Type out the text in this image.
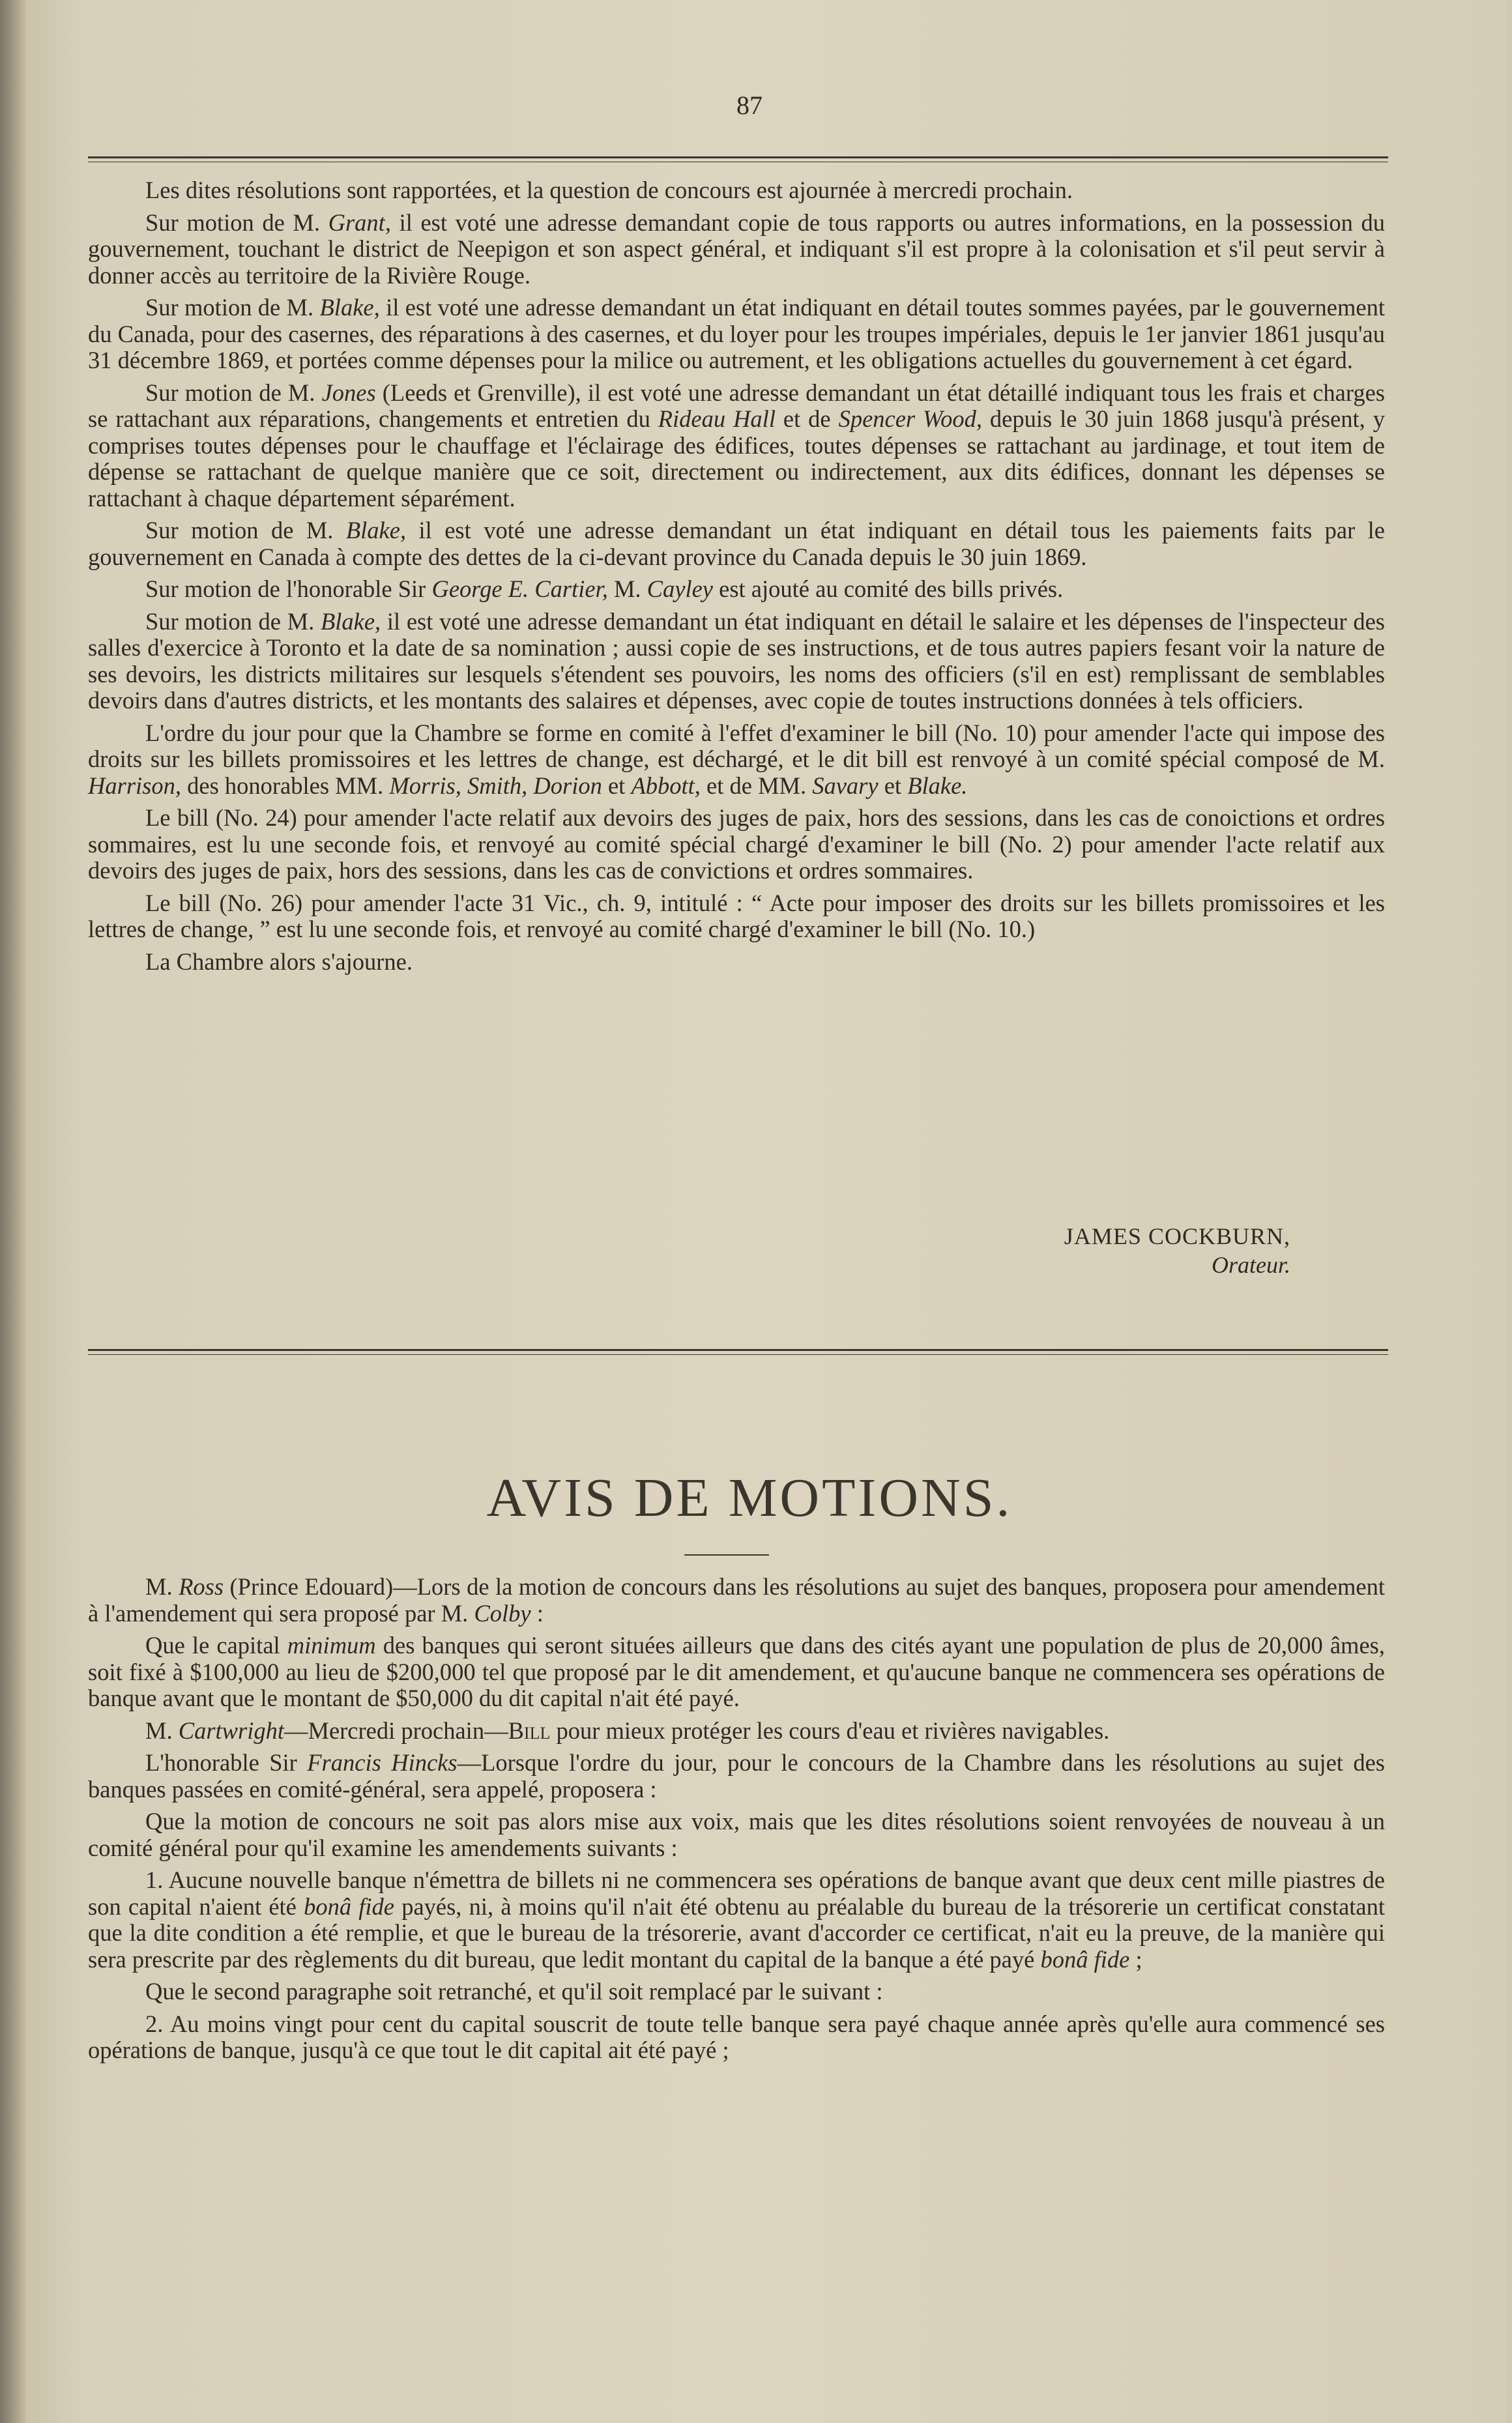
87

Les dites résolutions sont rapportées, et la question de concours est ajournée à mercredi prochain.

Sur motion de M. Grant, il est voté une adresse demandant copie de tous rapports ou autres informations, en la possession du gouvernement, touchant le district de Neepigon et son aspect général, et indiquant s'il est propre à la colonisation et s'il peut servir à donner accès au territoire de la Rivière Rouge.

Sur motion de M. Blake, il est voté une adresse demandant un état indiquant en détail toutes sommes payées, par le gouvernement du Canada, pour des casernes, des réparations à des casernes, et du loyer pour les troupes impériales, depuis le 1er janvier 1861 jusqu'au 31 décembre 1869, et portées comme dépenses pour la milice ou autrement, et les obligations actuelles du gouvernement à cet égard.

Sur motion de M. Jones (Leeds et Grenville), il est voté une adresse demandant un état détaillé indiquant tous les frais et charges se rattachant aux réparations, changements et entretien du Rideau Hall et de Spencer Wood, depuis le 30 juin 1868 jusqu'à présent, y comprises toutes dépenses pour le chauffage et l'éclairage des édifices, toutes dépenses se rattachant au jardinage, et tout item de dépense se rattachant de quelque manière que ce soit, directement ou indirectement, aux dits édifices, donnant les dépenses se rattachant à chaque département séparément.

Sur motion de M. Blake, il est voté une adresse demandant un état indiquant en détail tous les paiements faits par le gouvernement en Canada à compte des dettes de la ci-devant province du Canada depuis le 30 juin 1869.

Sur motion de l'honorable Sir George E. Cartier, M. Cayley est ajouté au comité des bills privés.

Sur motion de M. Blake, il est voté une adresse demandant un état indiquant en détail le salaire et les dépenses de l'inspecteur des salles d'exercice à Toronto et la date de sa nomination ; aussi copie de ses instructions, et de tous autres papiers fesant voir la nature de ses devoirs, les districts militaires sur lesquels s'étendent ses pouvoirs, les noms des officiers (s'il en est) remplissant de semblables devoirs dans d'autres districts, et les montants des salaires et dépenses, avec copie de toutes instructions données à tels officiers.

L'ordre du jour pour que la Chambre se forme en comité à l'effet d'examiner le bill (No. 10) pour amender l'acte qui impose des droits sur les billets promissoires et les lettres de change, est déchargé, et le dit bill est renvoyé à un comité spécial composé de M. Harrison, des honorables MM. Morris, Smith, Dorion et Abbott, et de MM. Savary et Blake.

Le bill (No. 24) pour amender l'acte relatif aux devoirs des juges de paix, hors des sessions, dans les cas de conoictions et ordres sommaires, est lu une seconde fois, et renvoyé au comité spécial chargé d'examiner le bill (No. 2) pour amender l'acte relatif aux devoirs des juges de paix, hors des sessions, dans les cas de convictions et ordres sommaires.

Le bill (No. 26) pour amender l'acte 31 Vic., ch. 9, intitulé : “ Acte pour imposer des droits sur les billets promissoires et les lettres de change, ” est lu une seconde fois, et renvoyé au comité chargé d'examiner le bill (No. 10.)

La Chambre alors s'ajourne.

JAMES COCKBURN,
Orateur.
AVIS DE MOTIONS.

M. Ross (Prince Edouard)—Lors de la motion de concours dans les résolutions au sujet des banques, proposera pour amendement à l'amendement qui sera proposé par M. Colby :

Que le capital minimum des banques qui seront situées ailleurs que dans des cités ayant une population de plus de 20,000 âmes, soit fixé à $100,000 au lieu de $200,000 tel que proposé par le dit amendement, et qu'aucune banque ne commencera ses opérations de banque avant que le montant de $50,000 du dit capital n'ait été payé.

M. Cartwright—Mercredi prochain—Bill pour mieux protéger les cours d'eau et rivières navigables.

L'honorable Sir Francis Hincks—Lorsque l'ordre du jour, pour le concours de la Chambre dans les résolutions au sujet des banques passées en comité-général, sera appelé, proposera :

Que la motion de concours ne soit pas alors mise aux voix, mais que les dites résolutions soient renvoyées de nouveau à un comité général pour qu'il examine les amendements suivants :

1. Aucune nouvelle banque n'émettra de billets ni ne commencera ses opérations de banque avant que deux cent mille piastres de son capital n'aient été bonâ fide payés, ni, à moins qu'il n'ait été obtenu au préalable du bureau de la trésorerie un certificat constatant que la dite condition a été remplie, et que le bureau de la trésorerie, avant d'accorder ce certificat, n'ait eu la preuve, de la manière qui sera prescrite par des règlements du dit bureau, que ledit montant du capital de la banque a été payé bonâ fide ;

Que le second paragraphe soit retranché, et qu'il soit remplacé par le suivant :

2. Au moins vingt pour cent du capital souscrit de toute telle banque sera payé chaque année après qu'elle aura commencé ses opérations de banque, jusqu'à ce que tout le dit capital ait été payé ;
